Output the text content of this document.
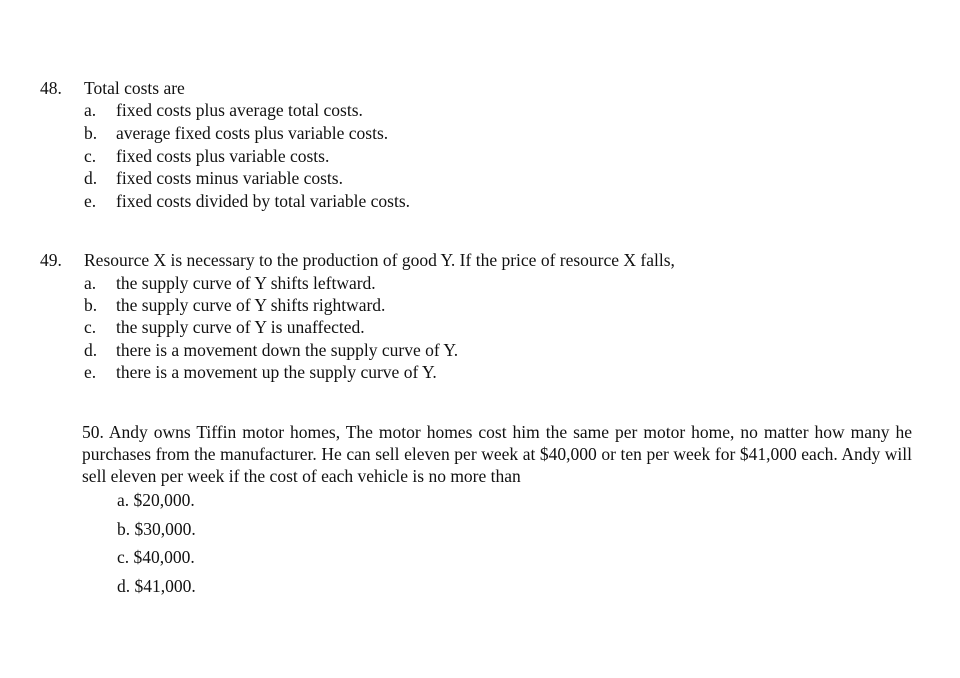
48. Total costs are
a. fixed costs plus average total costs.
b. average fixed costs plus variable costs.
c. fixed costs plus variable costs.
d. fixed costs minus variable costs.
e. fixed costs divided by total variable costs.
49. Resource X is necessary to the production of good Y. If the price of resource X falls,
a. the supply curve of Y shifts leftward.
b. the supply curve of Y shifts rightward.
c. the supply curve of Y is unaffected.
d. there is a movement down the supply curve of Y.
e. there is a movement up the supply curve of Y.
50. Andy owns Tiffin motor homes, The motor homes cost him the same per motor home, no matter how many he purchases from the manufacturer. He can sell eleven per week at $40,000 or ten per week for $41,000 each. Andy will sell eleven per week if the cost of each vehicle is no more than
a. $20,000.
b. $30,000.
c. $40,000.
d. $41,000.
